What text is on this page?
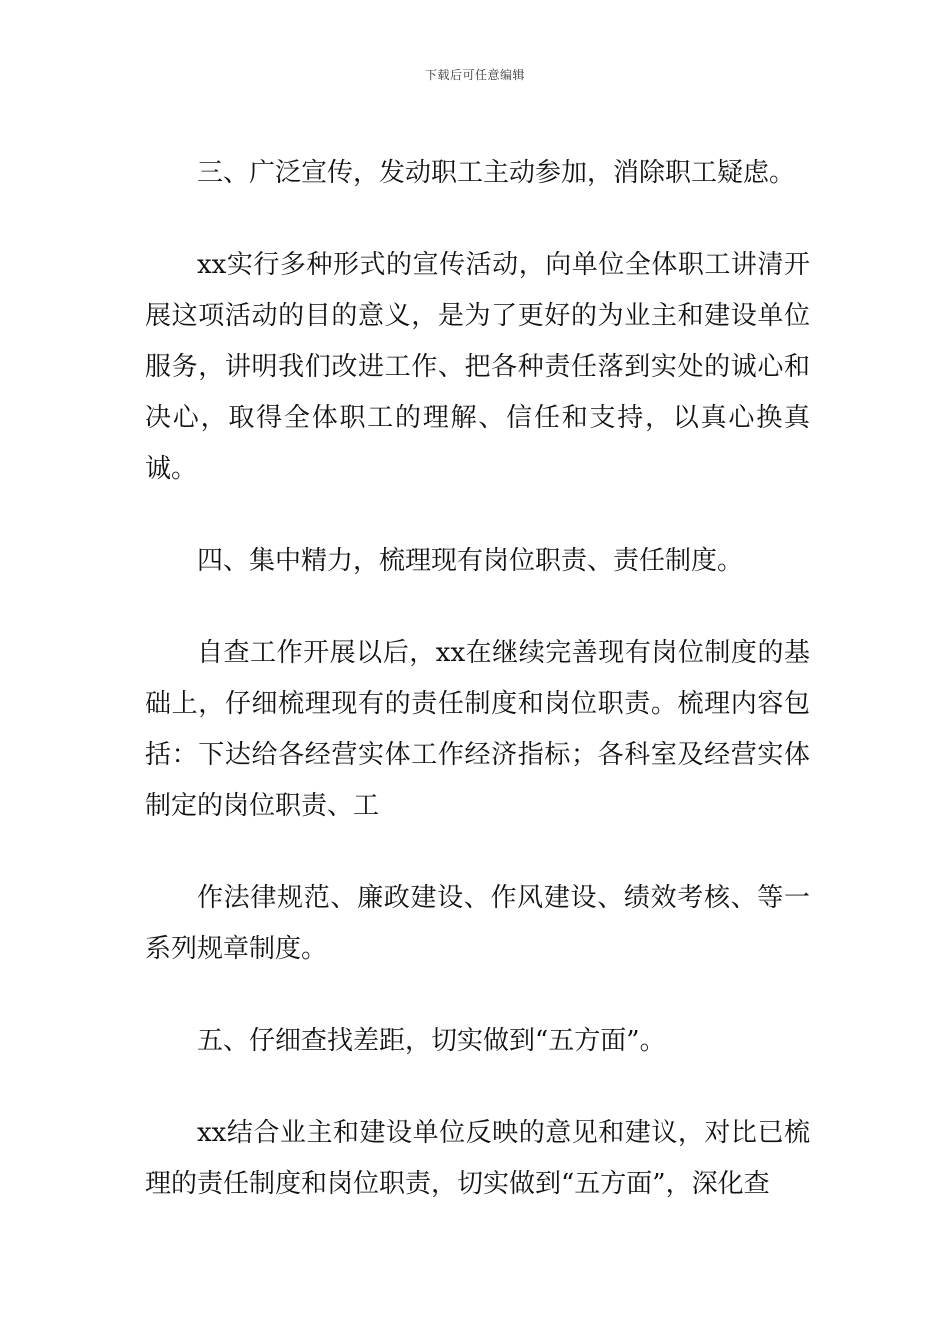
下载后可任意编辑

三、广泛宣传，发动职工主动参加，消除职工疑虑。

xx实行多种形式的宣传活动，向单位全体职工讲清开展这项活动的目的意义，是为了更好的为业主和建设单位服务，讲明我们改进工作、把各种责任落到实处的诚心和决心，取得全体职工的理解、信任和支持，以真心换真诚。

四、集中精力，梳理现有岗位职责、责任制度。

自查工作开展以后，xx在继续完善现有岗位制度的基础上，仔细梳理现有的责任制度和岗位职责。梳理内容包括：下达给各经营实体工作经济指标；各科室及经营实体制定的岗位职责、工

作法律规范、廉政建设、作风建设、绩效考核、等一系列规章制度。

五、仔细查找差距，切实做到“五方面”。

xx结合业主和建设单位反映的意见和建议，对比已梳理的责任制度和岗位职责，切实做到“五方面”，深化查
